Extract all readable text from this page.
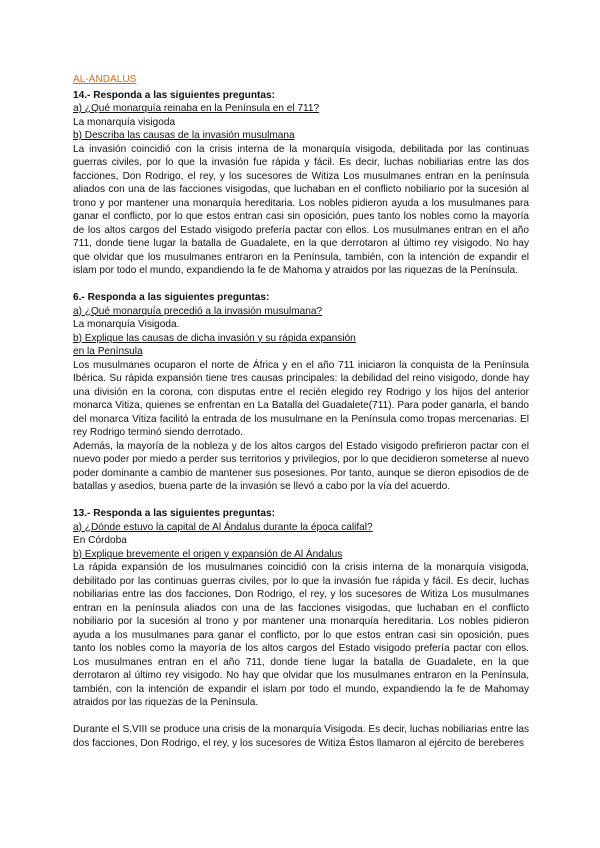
AL-ÁNDALUS

14.- Responda a las siguientes preguntas:

a) ¿Qué monarquía reinaba en la Península en el 711?

La monarquía visigoda

b) Describa las causas de la invasión musulmana

La invasión coincidió con la crisis interna de la monarquía visigoda, debilitada por las continuas guerras civiles, por lo que la invasión fue rápida y fácil. Es decir, luchas nobiliarias entre las dos facciones, Don Rodrigo, el rey, y los sucesores de Witiza Los musulmanes entran en la península aliados con una de las facciones visigodas, que luchaban en el conflicto nobiliario por la sucesión al trono y por mantener una monarquía hereditaria. Los nobles pidieron ayuda a los musulmanes para ganar el conflicto, por lo que estos entran casi sin oposición, pues tanto los nobles como la mayoría de los altos cargos del Estado visigodo prefería pactar con ellos. Los musulmanes entran en el año 711, donde tiene lugar la batalla de Guadalete, en la que derrotaron al último rey visigodo. No hay que olvidar que los musulmanes entraron en la Península, también, con la intención de expandir el islam por todo el mundo, expandiendo la fe de Mahoma y atraidos por las riquezas de la Península.

6.- Responda a las siguientes preguntas:

a) ¿Qué monarquía precedió a la invasión musulmana?

La monarquía Visigoda.

b) Explique las causas de dicha invasión y su rápida expansión

en la Península

Los musulmanes ocuparon el norte de África y en el año 711 iniciaron la conquista de la Península Ibérica. Su rápida expansión tiene tres causas principales: la debilidad del reino visigodo, donde hay una división en la corona, con disputas entre el recién elegido rey Rodrigo y los hijos del anterior monarca Vitiza, quienes se enfrentan en La Batalla del Guadalete(711). Para poder ganarla, el bando del monarca Vitiza facilitó la entrada de los musulmane en la Península como tropas mercenarias. El rey Rodrigo terminó siendo derrotado.

Además, la mayoría de la nobleza y de los altos cargos del Estado visigodo prefirieron pactar con el nuevo poder por miedo a perder sus territorios y privilegios, por lo que decidieron someterse al nuevo poder dominante a cambio de mantener sus posesiones. Por tanto, aunque se dieron episodios de de batallas y asedios, buena parte de la invasión se llevó a cabo por la vía del acuerdo.

13.- Responda a las siguientes preguntas:

a) ¿Dónde estuvo la capital de Al Ándalus durante la época califal?

En Córdoba

b) Explique brevemente el origen y expansión de Al Ándalus

La rápida expansión de los musulmanes coincidió con la crisis interna de la monarquía visigoda, debilitado por las continuas guerras civiles, por lo que la invasión fue rápida y fácil. Es decir, luchas nobiliarias entre las dos facciones, Don Rodrigo, el rey, y los sucesores de Witiza Los musulmanes entran en la península aliados con una de las facciones visigodas, que luchaban en el conflicto nobiliario por la sucesión al trono y por mantener una monarquía hereditaria. Los nobles pidieron ayuda a los musulmanes para ganar el conflicto, por lo que estos entran casi sin oposición, pues tanto los nobles como la mayoría de los altos cargos del Estado visigodo prefería pactar con ellos. Los musulmanes entran en el año 711, donde tiene lugar la batalla de Guadalete, en la que derrotaron al último rey visigodo. No hay que olvidar que los musulmanes entraron en la Península, también, con la intención de expandir el islam por todo el mundo, expandiendo la fe de Mahomay atraidos por las riquezas de la Península.

Durante el S.VIII se produce una crisis de la monarquía Visigoda. Es decir, luchas nobiliarias entre las dos facciones, Don Rodrigo, el rey, y los sucesores de Witiza Éstos llamaron al ejército de bereberes
